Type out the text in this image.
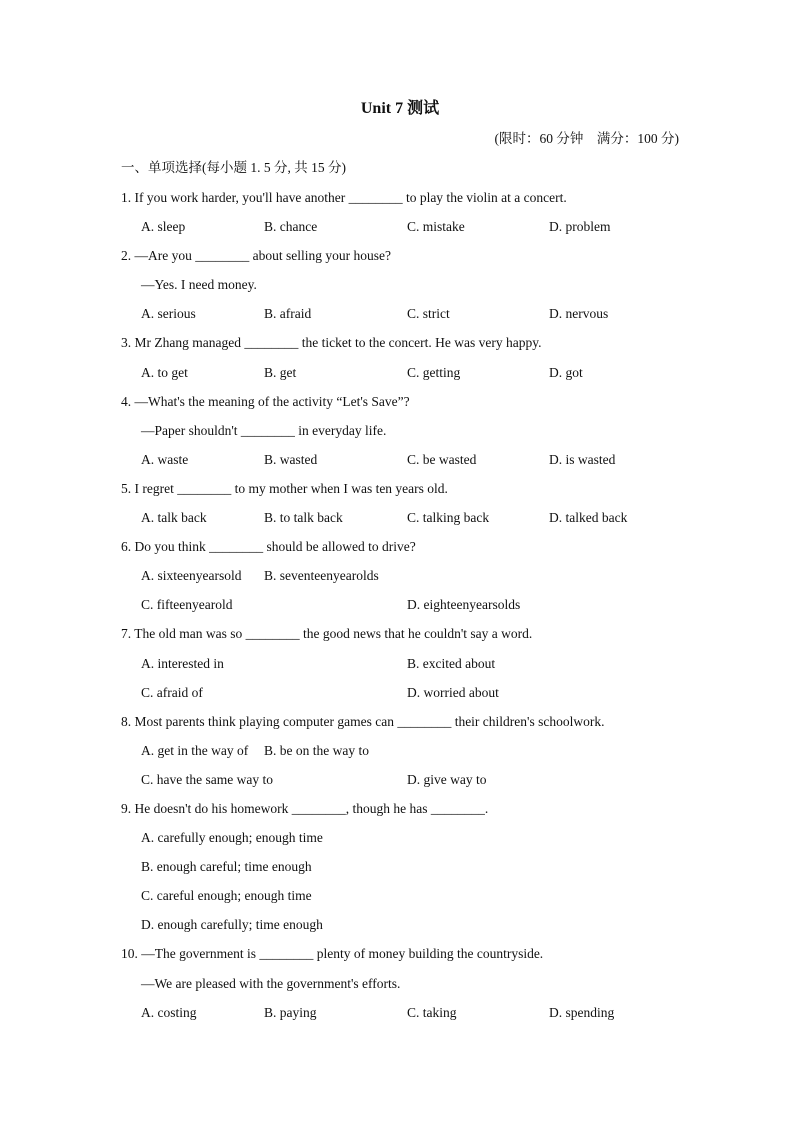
Unit 7 测试
(限时：60 分钟　满分：100 分)
一、单项选择(每小题 1. 5 分, 共 15 分)
1. If you work harder, you'll have another ________ to play the violin at a concert.
A. sleep	B. chance	C. mistake	D. problem
2. —Are you ________ about selling your house?
—Yes. I need money.
A. serious	B. afraid	C. strict	D. nervous
3. Mr Zhang managed ________ the ticket to the concert. He was very happy.
A. to get	B. get	C. getting	D. got
4. —What's the meaning of the activity “Let's Save”?
—Paper shouldn't ________ in everyday life.
A. waste	B. wasted	C. be wasted	D. is wasted
5. I regret ________ to my mother when I was ten years old.
A. talk back	B. to talk back	C. talking back	D. talked back
6. Do you think ________ should be allowed to drive?
A. sixteenyearsold B. seventeenyearolds
C. fifteenyearold	D. eighteenyearsolds
7. The old man was so ________ the good news that he couldn't say a word.
A. interested in	B. excited about
C. afraid of	D. worried about
8. Most parents think playing computer games can ________ their children's schoolwork.
A. get in the way of B. be on the way to
C. have the same way to	D. give way to
9. He doesn't do his homework ________, though he has ________.
A. carefully enough; enough time
B. enough careful; time enough
C. careful enough; enough time
D. enough carefully; time enough
10. —The government is ________ plenty of money building the countryside.
—We are pleased with the government's efforts.
A. costing	B. paying	C. taking	D. spending
